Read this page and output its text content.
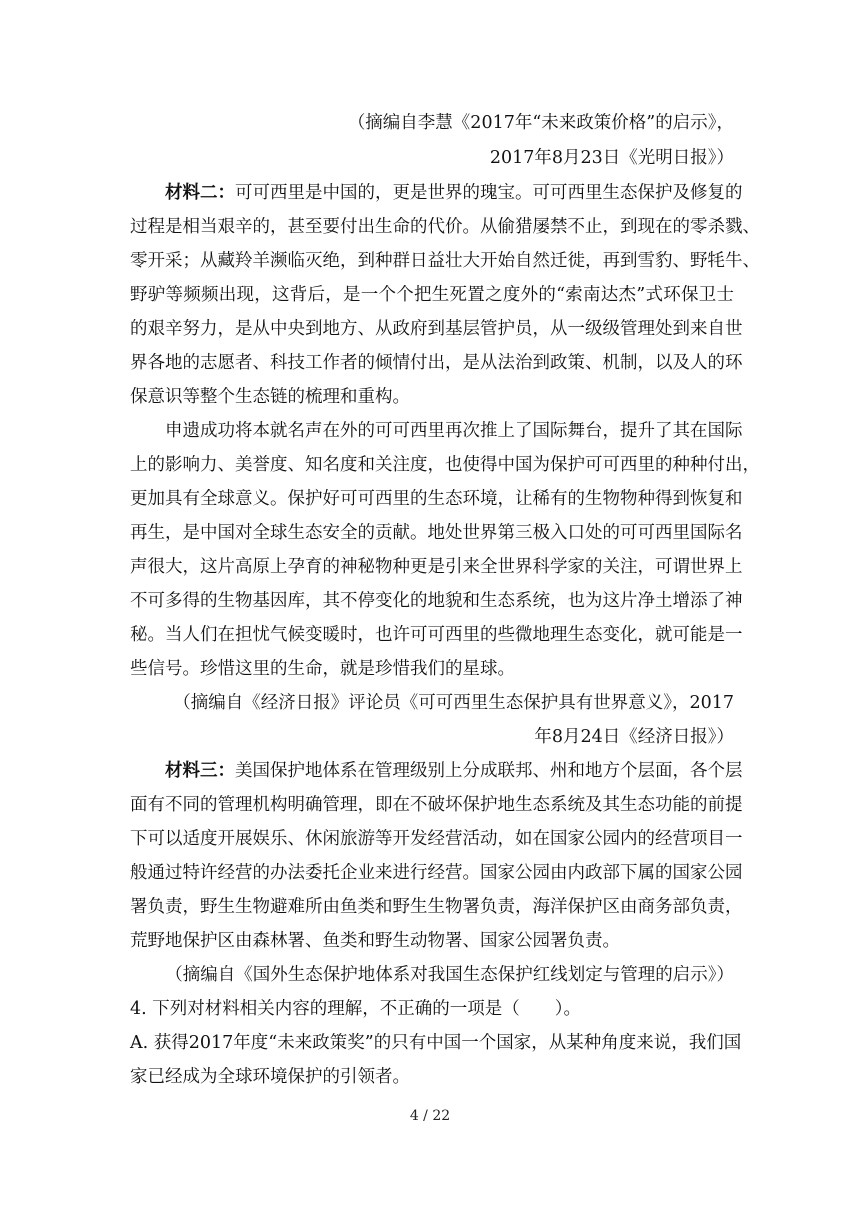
（摘编自李慧《2017年“未来政策价格”的启示》，
2017年8月23日《光明日报》）
材料二：可可西里是中国的，更是世界的瑰宝。可可西里生态保护及修复的
过程是相当艰辛的，甚至要付出生命的代价。从偷猎屡禁不止，到现在的零杀戮、
零开采；从藏羚羊濒临灭绝，到种群日益壮大开始自然迁徙，再到雪豹、野牦牛、
野驴等频频出现，这背后，是一个个把生死置之度外的“索南达杰”式环保卫士
的艰辛努力，是从中央到地方、从政府到基层管护员，从一级级管理处到来自世
界各地的志愿者、科技工作者的倾情付出，是从法治到政策、机制，以及人的环
保意识等整个生态链的梳理和重构。
申遗成功将本就名声在外的可可西里再次推上了国际舞台，提升了其在国际
上的影响力、美誉度、知名度和关注度，也使得中国为保护可可西里的种种付出，
更加具有全球意义。保护好可可西里的生态环境，让稀有的生物物种得到恢复和
再生，是中国对全球生态安全的贡献。地处世界第三极入口处的可可西里国际名
声很大，这片高原上孕育的神秘物种更是引来全世界科学家的关注，可谓世界上
不可多得的生物基因库，其不停变化的地貌和生态系统，也为这片净土增添了神
秘。当人们在担忧气候变暖时，也许可可西里的些微地理生态变化，就可能是一
些信号。珍惜这里的生命，就是珍惜我们的星球。
（摘编自《经济日报》评论员《可可西里生态保护具有世界意义》，2017
年8月24日《经济日报》）
材料三：美国保护地体系在管理级别上分成联邦、州和地方个层面，各个层
面有不同的管理机构明确管理，即在不破坏保护地生态系统及其生态功能的前提
下可以适度开展娱乐、休闲旅游等开发经营活动，如在国家公园内的经营项目一
般通过特许经营的办法委托企业来进行经营。国家公园由内政部下属的国家公园
署负责，野生生物避难所由鱼类和野生生物署负责，海洋保护区由商务部负责，
荒野地保护区由森林署、鱼类和野生动物署、国家公园署负责。
（摘编自《国外生态保护地体系对我国生态保护红线划定与管理的启示》）
4. 下列对材料相关内容的理解，不正确的一项是（　　）。
A. 获得2017年度“未来政策奖”的只有中国一个国家，从某种角度来说，我们国
家已经成为全球环境保护的引领者。
4 / 22
